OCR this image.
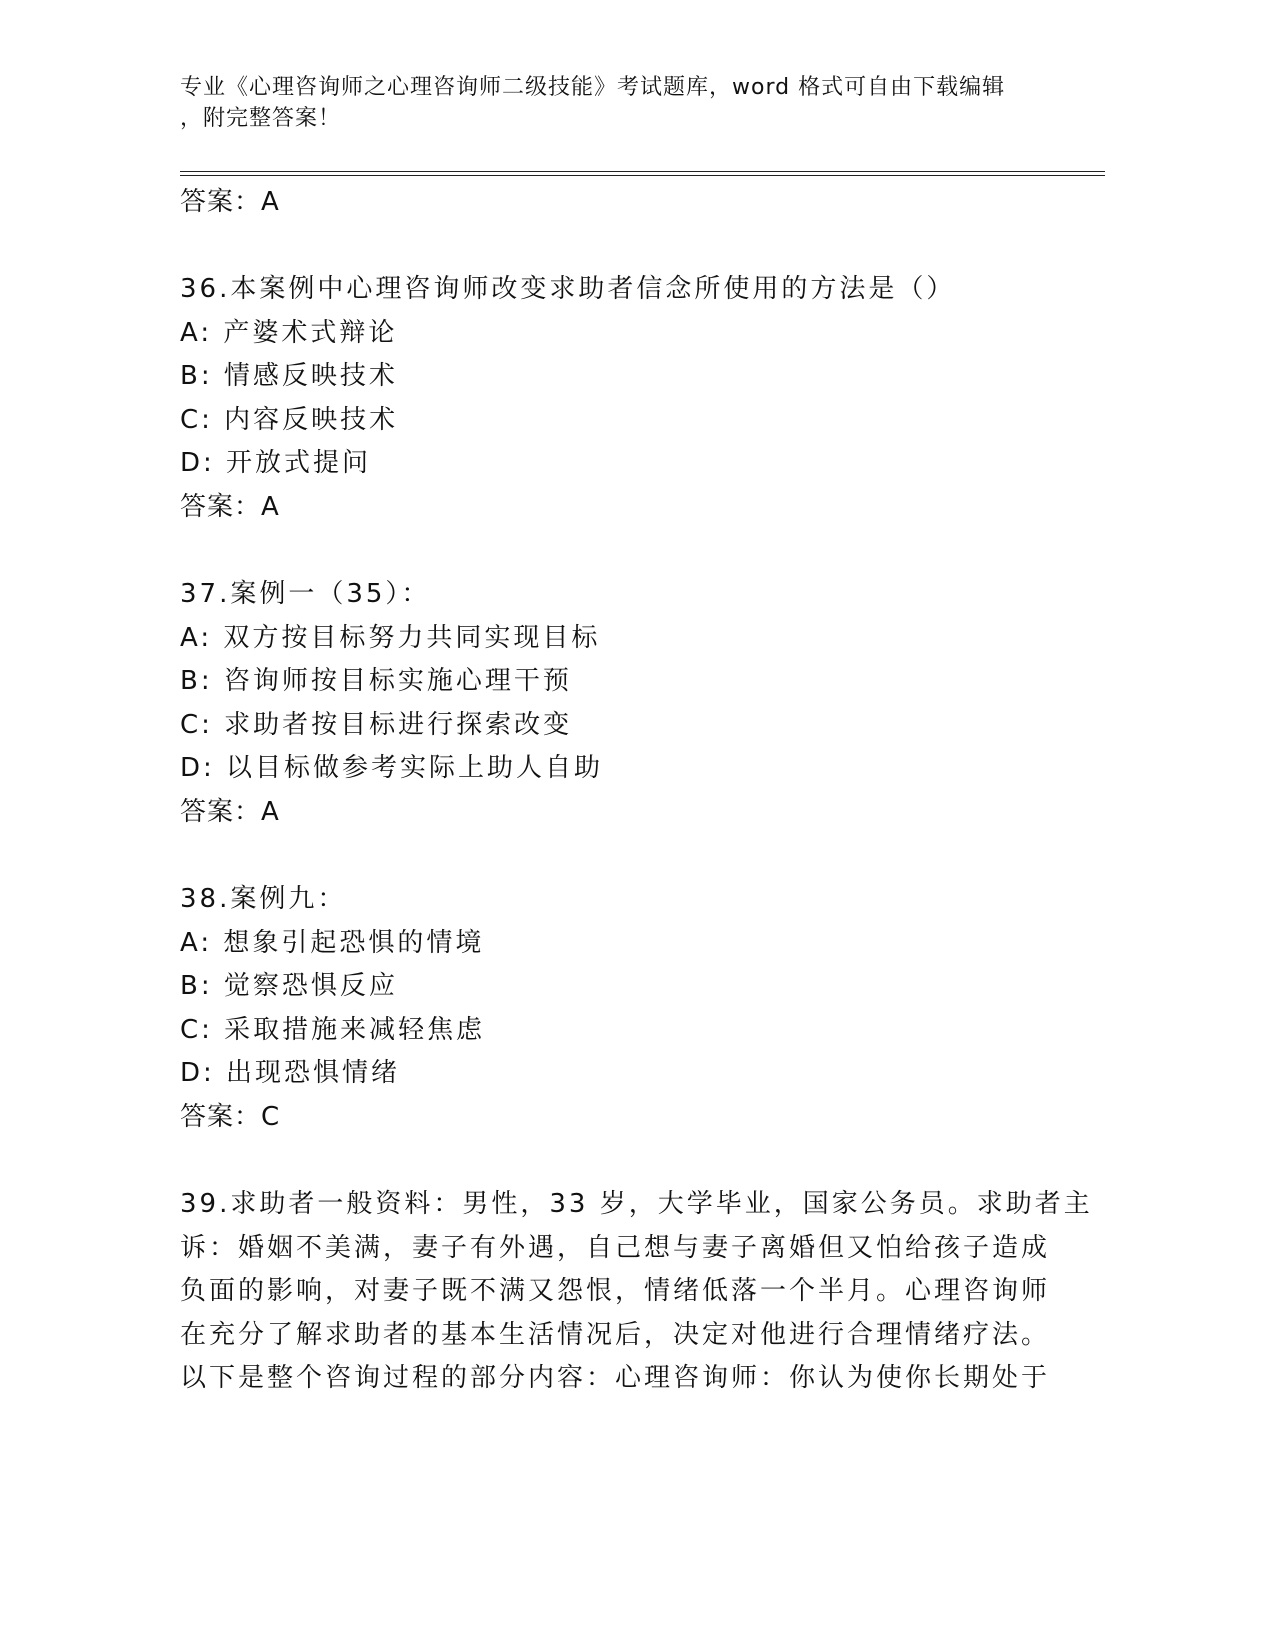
专业《心理咨询师之心理咨询师二级技能》考试题库，word 格式可自由下载编辑

，附完整答案！

答案：A
36.本案例中心理咨询师改变求助者信念所使用的方法是（）
A: 产婆术式辩论
B: 情感反映技术
C: 内容反映技术
D: 开放式提问
答案：A
37.案例一（35）：
A: 双方按目标努力共同实现目标
B: 咨询师按目标实施心理干预
C: 求助者按目标进行探索改变
D: 以目标做参考实际上助人自助
答案：A
38.案例九：
A: 想象引起恐惧的情境
B: 觉察恐惧反应
C: 采取措施来减轻焦虑
D: 出现恐惧情绪
答案：C

39.求助者一般资料：男性，33 岁，大学毕业，国家公务员。求助者主

诉：婚姻不美满，妻子有外遇，自己想与妻子离婚但又怕给孩子造成

负面的影响，对妻子既不满又怨恨，情绪低落一个半月。心理咨询师

在充分了解求助者的基本生活情况后，决定对他进行合理情绪疗法。

以下是整个咨询过程的部分内容：心理咨询师：你认为使你长期处于
